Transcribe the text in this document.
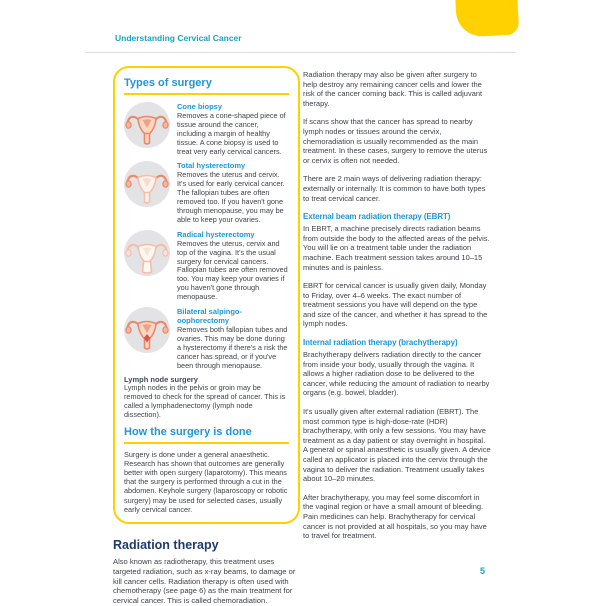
Understanding Cervical Cancer
Types of surgery
Cone biopsy
Removes a cone-shaped piece of tissue around the cancer, including a margin of healthy tissue. A cone biopsy is used to treat very early cervical cancers.
Total hysterectomy
Removes the uterus and cervix. It's used for early cervical cancer. The fallopian tubes are often removed too. If you haven't gone through menopause, you may be able to keep your ovaries.
Radical hysterectomy
Removes the uterus, cervix and top of the vagina. It's the usual surgery for cervical cancers. Fallopian tubes are often removed too. You may keep your ovaries if you haven't gone through menopause.
Bilateral salpingo-oophorectomy
Removes both fallopian tubes and ovaries. This may be done during a hysterectomy if there's a risk the cancer has spread, or if you've been through menopause.
Lymph node surgery
Lymph nodes in the pelvis or groin may be removed to check for the spread of cancer. This is called a lymphadenectomy (lymph node dissection).
How the surgery is done
Surgery is done under a general anaesthetic. Research has shown that outcomes are generally better with open surgery (laparotomy). This means that the surgery is performed through a cut in the abdomen. Keyhole surgery (laparoscopy or robotic surgery) may be used for selected cases, usually early cervical cancer.
Radiation therapy

Also known as radiotherapy, this treatment uses targeted radiation, such as x-ray beams, to damage or kill cancer cells. Radiation therapy is often used with chemotherapy (see page 6) as the main treatment for cervical cancer. This is called chemoradiation.

Radiation therapy may also be given after surgery to help destroy any remaining cancer cells and lower the risk of the cancer coming back. This is called adjuvant therapy.

If scans show that the cancer has spread to nearby lymph nodes or tissues around the cervix, chemoradiation is usually recommended as the main treatment. In these cases, surgery to remove the uterus or cervix is often not needed.

There are 2 main ways of delivering radiation therapy: externally or internally. It is common to have both types to treat cervical cancer.

External beam radiation therapy (EBRT)

In EBRT, a machine precisely directs radiation beams from outside the body to the affected areas of the pelvis. You will lie on a treatment table under the radiation machine. Each treatment session takes around 10–15 minutes and is painless.

EBRT for cervical cancer is usually given daily, Monday to Friday, over 4–6 weeks. The exact number of treatment sessions you have will depend on the type and size of the cancer, and whether it has spread to the lymph nodes.

Internal radiation therapy (brachytherapy)

Brachytherapy delivers radiation directly to the cancer from inside your body, usually through the vagina. It allows a higher radiation dose to be delivered to the cancer, while reducing the amount of radiation to nearby organs (e.g. bowel, bladder).

It's usually given after external radiation (EBRT). The most common type is high-dose-rate (HDR) brachytherapy, with only a few sessions. You may have treatment as a day patient or stay overnight in hospital. A general or spinal anaesthetic is usually given. A device called an applicator is placed into the cervix through the vagina to deliver the radiation. Treatment usually takes about 10–20 minutes.

After brachytherapy, you may feel some discomfort in the vaginal region or have a small amount of bleeding. Pain medicines can help. Brachytherapy for cervical cancer is not provided at all hospitals, so you may have to travel for treatment.

5
